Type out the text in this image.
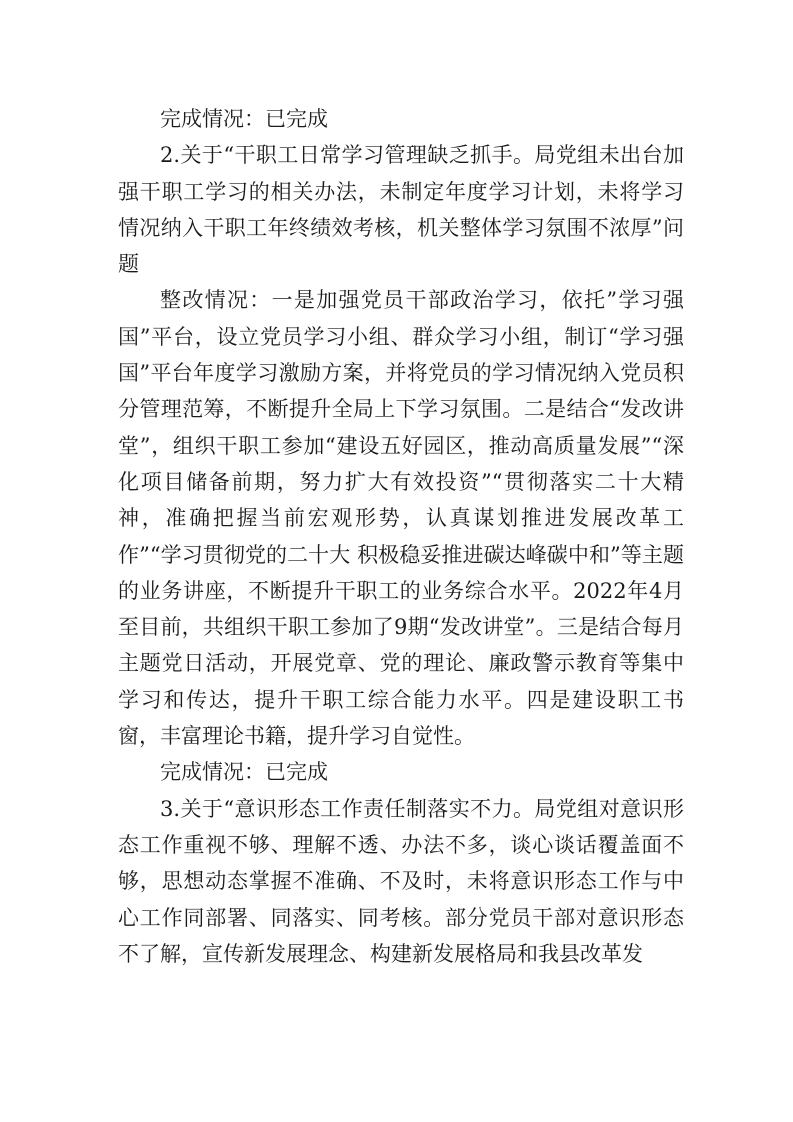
完成情况：已完成

2.关于“干职工日常学习管理缺乏抓手。局党组未出台加强干职工学习的相关办法，未制定年度学习计划，未将学习情况纳入干职工年终绩效考核，机关整体学习氛围不浓厚”问题

整改情况：一是加强党员干部政治学习，依托”学习强国”平台，设立党员学习小组、群众学习小组，制订“学习强国”平台年度学习激励方案，并将党员的学习情况纳入党员积分管理范筹，不断提升全局上下学习氛围。二是结合“发改讲堂”，组织干职工参加“建设五好园区，推动高质量发展”“深化项目储备前期，努力扩大有效投资”“贯彻落实二十大精神，准确把握当前宏观形势，认真谋划推进发展改革工作”“学习贯彻党的二十大 积极稳妥推进碳达峰碳中和”等主题的业务讲座，不断提升干职工的业务综合水平。2022年4月至目前，共组织干职工参加了9期“发改讲堂”。三是结合每月主题党日活动，开展党章、党的理论、廉政警示教育等集中学习和传达，提升干职工综合能力水平。四是建设职工书窗，丰富理论书籍，提升学习自觉性。

完成情况：已完成

3.关于“意识形态工作责任制落实不力。局党组对意识形态工作重视不够、理解不透、办法不多，谈心谈话覆盖面不够，思想动态掌握不准确、不及时，未将意识形态工作与中心工作同部署、同落实、同考核。部分党员干部对意识形态不了解，宣传新发展理念、构建新发展格局和我县改革发
